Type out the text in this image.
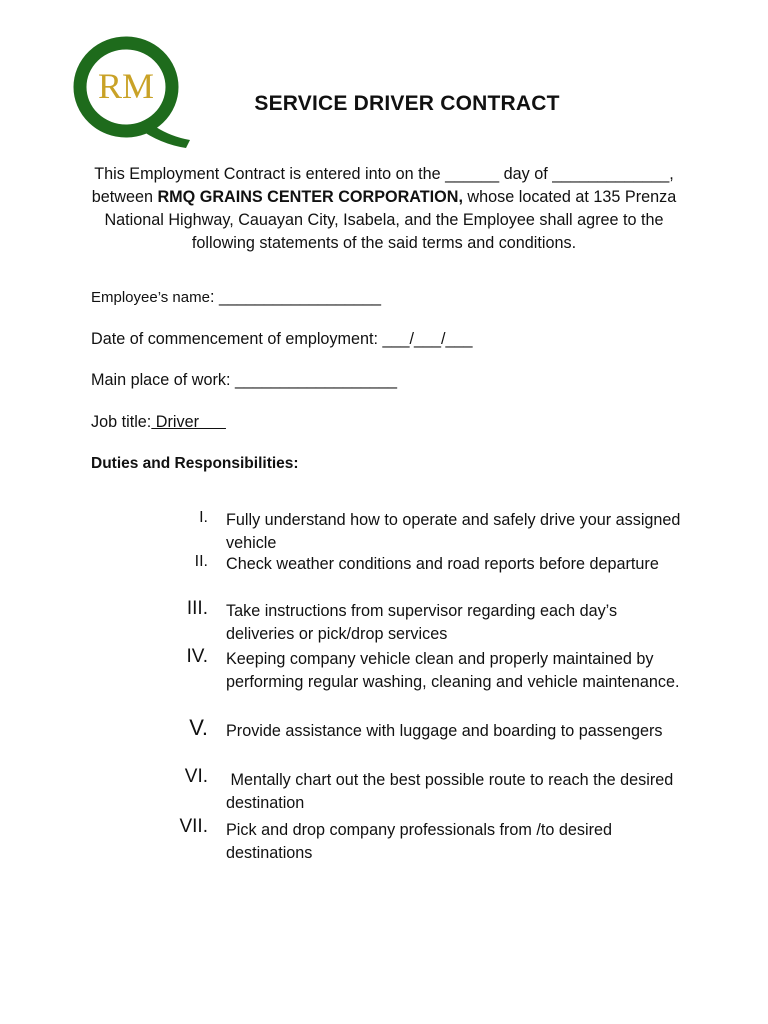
RM	SERVICE DRIVER CONTRACT
This Employment Contract is entered into on the ______ day of _____________, between RMQ GRAINS CENTER CORPORATION, whose located at 135 Prenza National Highway, Cauayan City, Isabela, and the Employee shall agree to the following statements of the said terms and conditions.
Employee’s name: __________________
Date of commencement of employment: ___/___/___
Main place of work: __________________
Job title: Driver
Duties and Responsibilities:
I. Fully understand how to operate and safely drive your assigned vehicle
II. Check weather conditions and road reports before departure
III. Take instructions from supervisor regarding each day’s deliveries or pick/drop services
IV. Keeping company vehicle clean and properly maintained by performing regular washing, cleaning and vehicle maintenance.
V. Provide assistance with luggage and boarding to passengers
VI. Mentally chart out the best possible route to reach the desired destination
VII. Pick and drop company professionals from /to desired destinations
